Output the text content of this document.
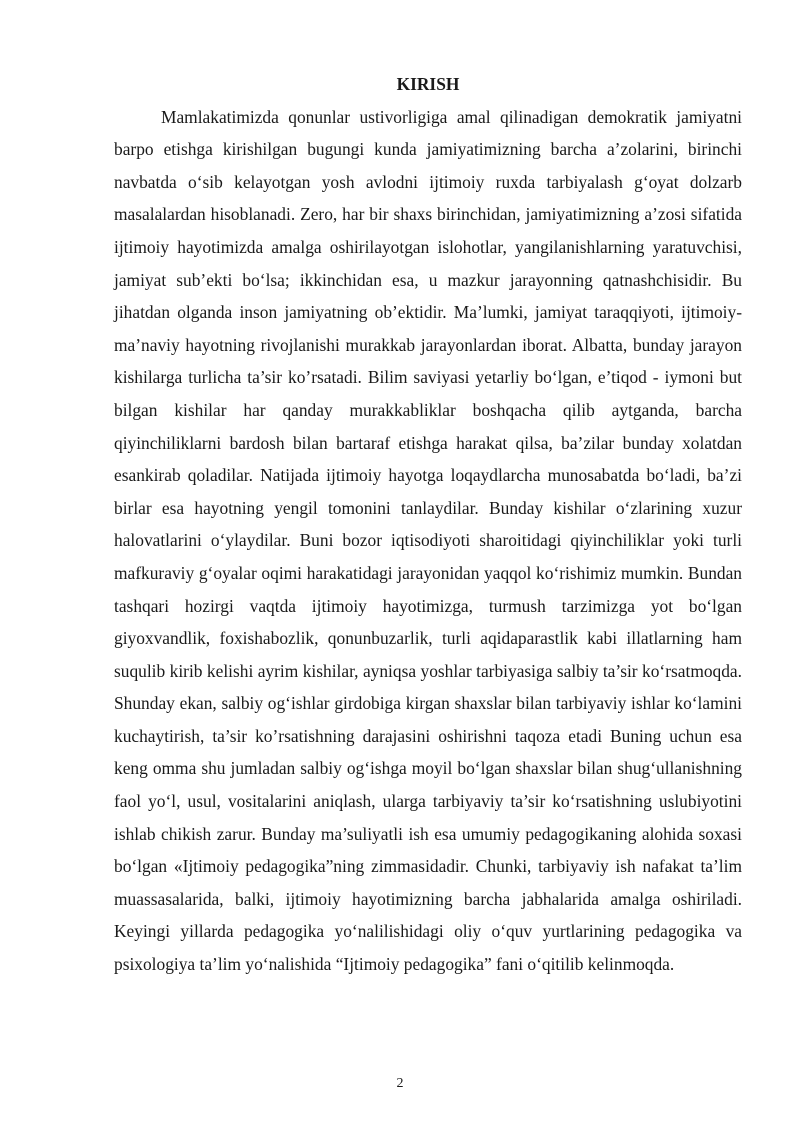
KIRISH

Mamlakatimizda qonunlar ustivorligiga amal qilinadigan demokratik jamiyatni barpo etishga kirishilgan bugungi kunda jamiyatimizning barcha a’zolarini, birinchi navbatda o‘sib kelayotgan yosh avlodni ijtimoiy ruxda tarbiyalash g‘oyat dolzarb masalalardan hisoblanadi. Zero, har bir shaxs birinchidan, jamiyatimizning a’zosi sifatida ijtimoiy hayotimizda amalga oshirilayotgan islohotlar, yangilanishlarning yaratuvchisi, jamiyat sub’ekti bo‘lsa; ikkinchidan esa, u mazkur jarayonning qatnashchisidir. Bu jihatdan olganda inson jamiyatning ob’ektidir. Ma’lumki, jamiyat taraqqiyoti, ijtimoiy-ma’naviy hayotning rivojlanishi murakkab jarayonlardan iborat. Albatta, bunday jarayon kishilarga turlicha ta’sir ko’rsatadi. Bilim saviyasi yetarliy bo‘lgan, e’tiqod - iymoni but bilgan kishilar har qanday murakkabliklar boshqacha qilib aytganda, barcha qiyinchiliklarni bardosh bilan bartaraf etishga harakat qilsa, ba’zilar bunday xolatdan esankirab qoladilar. Natijada ijtimoiy hayotga loqaydlarcha munosabatda bo‘ladi, ba’zi birlar esa hayotning yengil tomonini tanlaydilar. Bunday kishilar o‘zlarining xuzur halovatlarini o‘ylaydilar. Buni bozor iqtisodiyoti sharoitidagi qiyinchiliklar yoki turli mafkuraviy g‘oyalar oqimi harakatidagi jarayonidan yaqqol ko‘rishimiz mumkin. Bundan tashqari hozirgi vaqtda ijtimoiy hayotimizga, turmush tarzimizga yot bo‘lgan giyoxvandlik, foxishabozlik, qonunbuzarlik, turli aqidaparastlik kabi illatlarning ham suqulib kirib kelishi ayrim kishilar, ayniqsa yoshlar tarbiyasiga salbiy ta’sir ko‘rsatmoqda. Shunday ekan, salbiy og‘ishlar girdobiga kirgan shaxslar bilan tarbiyaviy ishlar ko‘lamini kuchaytirish, ta’sir ko’rsatishning darajasini oshirishni taqoza etadi Buning uchun esa keng omma shu jumladan salbiy og‘ishga moyil bo‘lgan shaxslar bilan shug‘ullanishning faol yo‘l, usul, vositalarini aniqlash, ularga tarbiyaviy ta’sir ko‘rsatishning uslubiyotini ishlab chikish zarur. Bunday ma’suliyatli ish esa umumiy pedagogikaning alohida soxasi bo‘lgan «Ijtimoiy pedagogika”ning zimmasidadir. Chunki, tarbiyaviy ish nafakat ta’lim muassasalarida, balki, ijtimoiy hayotimizning barcha jabhalarida amalga oshiriladi. Keyingi yillarda pedagogika yo‘nalilishidagi oliy o‘quv yurtlarining pedagogika va psixologiya ta’lim yo‘nalishida “Ijtimoiy pedagogika” fani o‘qitilib kelinmoqda.

2
